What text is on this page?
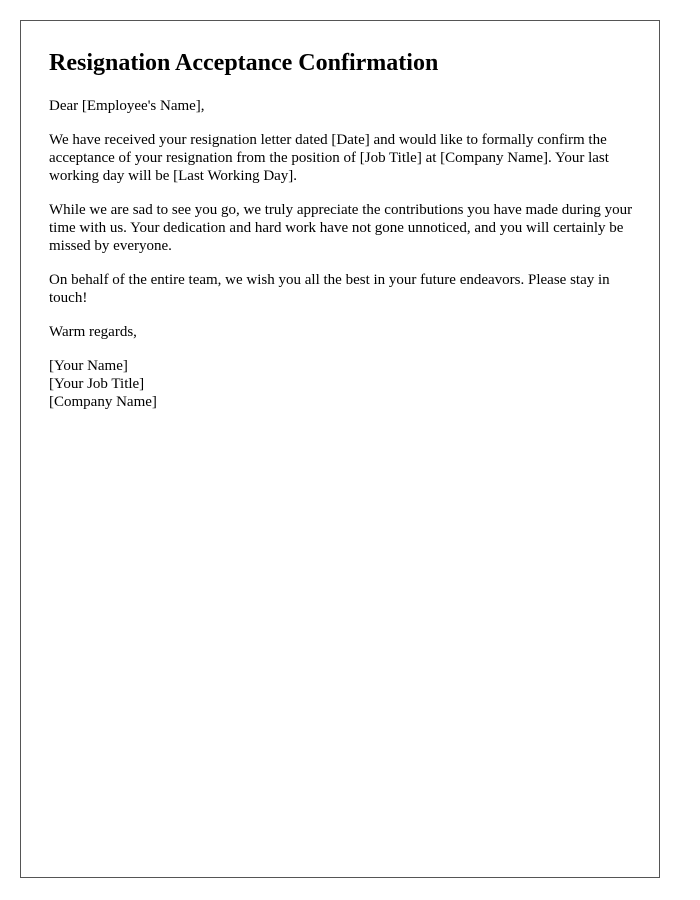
Resignation Acceptance Confirmation

Dear [Employee's Name],

We have received your resignation letter dated [Date] and would like to formally confirm the acceptance of your resignation from the position of [Job Title] at [Company Name]. Your last working day will be [Last Working Day].

While we are sad to see you go, we truly appreciate the contributions you have made during your time with us. Your dedication and hard work have not gone unnoticed, and you will certainly be missed by everyone.

On behalf of the entire team, we wish you all the best in your future endeavors. Please stay in touch!

Warm regards,

[Your Name]
[Your Job Title]
[Company Name]
